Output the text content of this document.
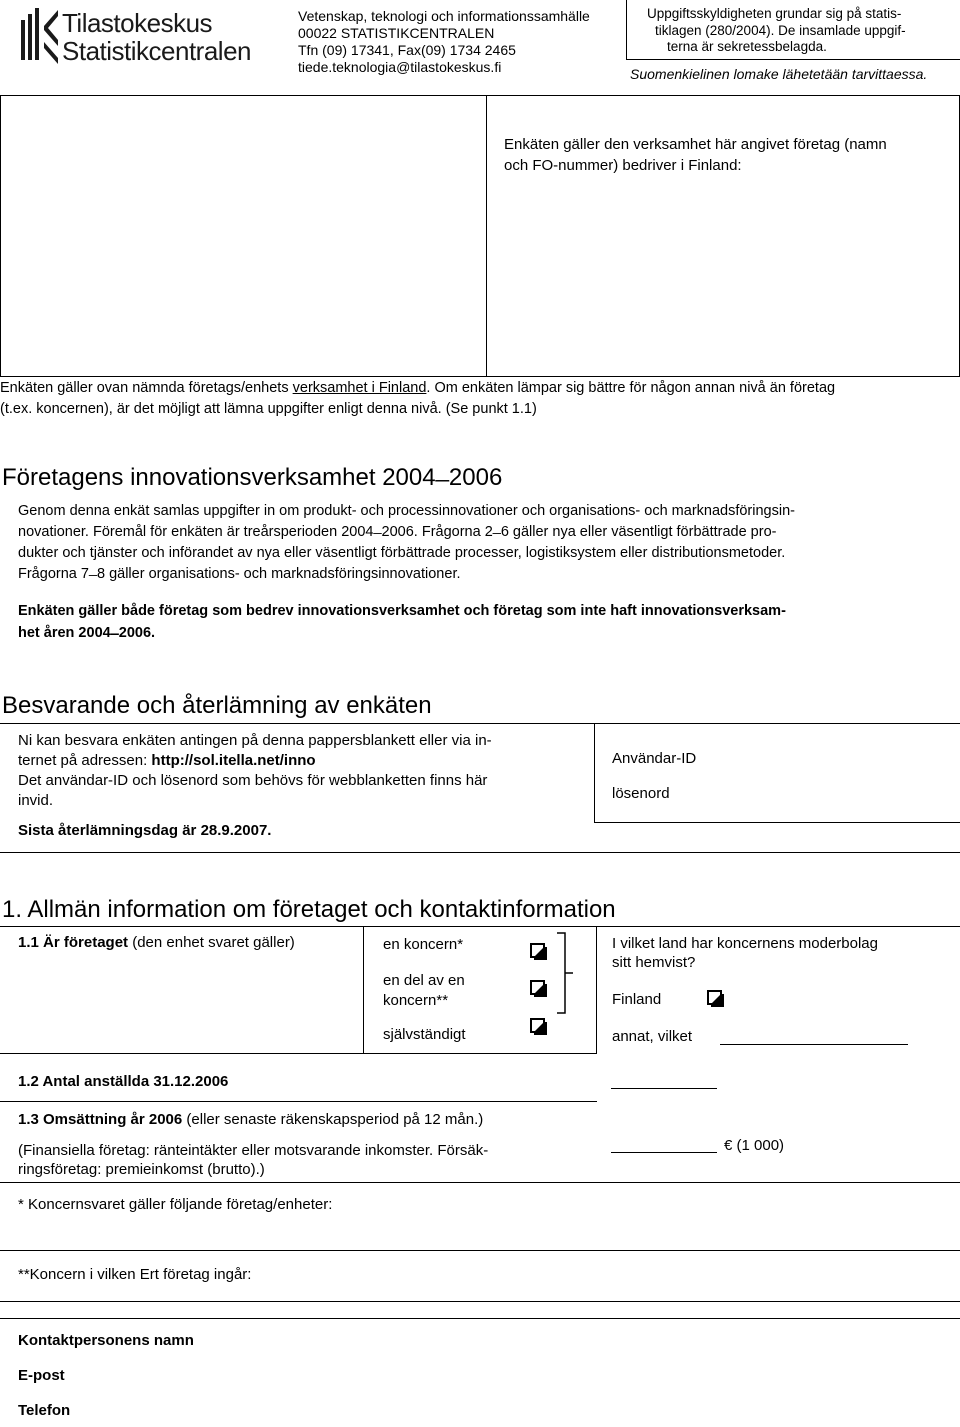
Tilastokeskus
Statistikcentralen
Vetenskap, teknologi och informationssamhälle
00022 STATISTIKCENTRALEN
Tfn (09) 17341, Fax(09) 1734 2465
tiede.teknologia@tilastokeskus.fi
Uppgiftsskyldigheten grundar sig på statis-
tiklagen (280/2004). De insamlade uppgif-
terna är sekretessbelagda.
Suomenkielinen lomake lähetetään tarvittaessa.
Enkäten gäller den verksamhet här angivet företag (namn
och FO-nummer) bedriver i Finland:
Enkäten gäller ovan nämnda företags/enhets verksamhet i Finland. Om enkäten lämpar sig bättre för någon annan nivå än företag
(t.ex. koncernen), är det möjligt att lämna uppgifter enligt denna nivå. (Se punkt 1.1)
Företagens innovationsverksamhet 2004 ̶ 2006
Genom denna enkät samlas uppgifter in om produkt- och processinnovationer och organisations- och marknadsföringsin-
novationer. Föremål för enkäten är treårsperioden 2004 ̶ 2006. Frågorna 2 ̶ 6 gäller nya eller väsentligt förbättrade pro-
dukter och tjänster och införandet av nya eller väsentligt förbättrade processer, logistiksystem eller distributionsmetoder.
Frågorna 7 ̶ 8 gäller organisations- och marknadsföringsinnovationer.
Enkäten gäller både företag som bedrev innovationsverksamhet och företag som inte haft innovationsverksam-
het åren 2004 ̶ 2006.
Besvarande och återlämning av enkäten
Ni kan besvara enkäten antingen på denna pappersblankett eller via in-
ternet på adressen: http://sol.itella.net/inno
Det användar-ID och lösenord som behövs för webblanketten finns här
invid.
Sista återlämningsdag är 28.9.2007.
Användar-ID
lösenord
1. Allmän information om företaget och kontaktinformation
1.1 Är företaget (den enhet svaret gäller)	en koncern*
en del av en
koncern**
självständigt
I vilket land har koncernens moderbolag
sitt hemvist?
Finland
annat, vilket
1.2 Antal anställda 31.12.2006
1.3 Omsättning år 2006 (eller senaste räkenskapsperiod på 12 mån.)
(Finansiella företag: ränteintäkter eller motsvarande inkomster. Försäk-
ringsföretag: premieinkomst (brutto).)
€ (1 000)
* Koncernsvaret gäller följande företag/enheter:
**Koncern i vilken Ert företag ingår:
Kontaktpersonens namn
E-post
Telefon
